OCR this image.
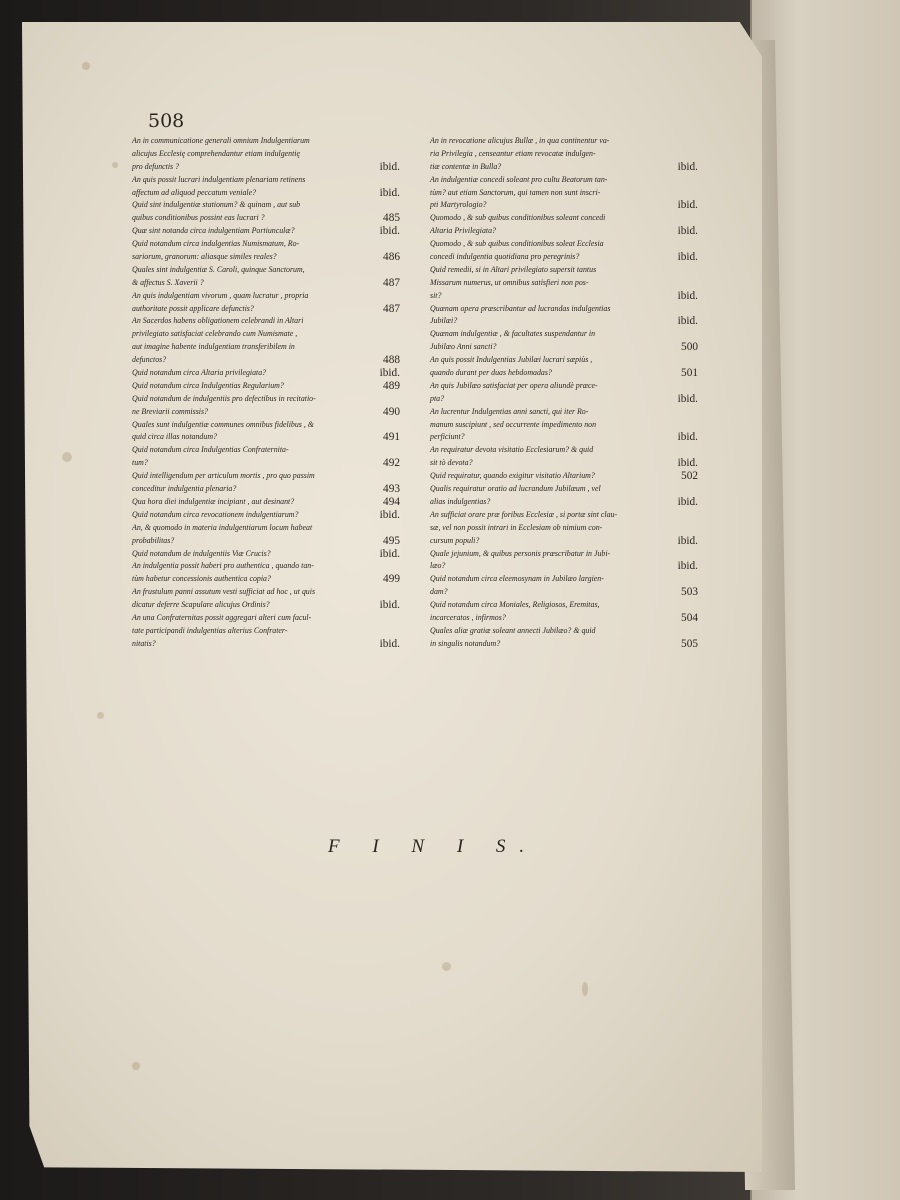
508
An in communicatione generali omnium Indulgentiarum
alicujus Ecclesię comprehendantur etiam indulgentię
pro defunctis ?	ibid.
An quis possit lucrari indulgentiam plenariam retinens
affectum ad aliquod peccatum veniale?	ibid.
Quid sint indulgentiæ stationum? & quinam , aut sub
quibus conditionibus possint eas lucrari ?	485
Quæ sint notanda circa indulgentiam Portiunculæ?	ibid.
Quid notandum circa indulgentias Numismatum, Ro-
sariorum, granorum: aliasque similes reales?	486
Quales sint indulgentiæ S. Caroli, quinque Sanctorum,
& affectus S. Xaverii ?	487
An quis indulgentiam vivorum , quam lucratur , propria
authoritate possit applicare defunctis?	487
An Sacerdos habens obligationem celebrandi in Altari
privilegiato satisfaciat celebrando cum Numismate ,
aut imagine habente indulgentiam transferibilem in
defunctos?	488
Quid notandum circa Altaria privilegiata?	ibid.
Quid notandum circa Indulgentias Regularium?	489
Quid notandum de indulgentiis pro defectibus in recitatio-
ne Breviarii commissis?	490
Quales sunt indulgentiæ communes omnibus fidelibus , &
quid circa illas notandum?	491
Quid notandum circa Indulgentias Confraternita-
tum?	492
Quid intelligendum per articulum mortis , pro quo passim
conceditur indulgentia plenaria?	493
Qua hora diei indulgentiæ incipiant , aut desinant?	494
Quid notandum circa revocationem indulgentiarum?	ibid.
An, & quomodo in materia indulgentiarum locum habeat
probabilitas?	495
Quid notandum de indulgentiis Viæ Crucis?	ibid.
An indulgentia possit haberi pro authentica , quando tan-
tùm habetur concessionis authentica copia?	499
An frustulum panni assutum vesti sufficiat ad hoc , ut quis
dicatur deferre Scapulare alicujus Ordinis?	ibid.
An una Confraternitas possit aggregari alteri cum facul-
tate participandi indulgentias alterius Confrater-
nitatis?	ibid.
An in revocatione alicujus Bullæ , in qua continentur va-
ria Privilegia , censeantur etiam revocatæ indulgen-
tiæ contentæ in Bulla?	ibid.
An indulgentiæ concedi soleant pro cultu Beatorum tan-
tùm? aut etiam Sanctorum, qui tamen non sunt inscri-
pti Martyrologio?	ibid.
Quomodo , & sub quibus conditionibus soleant concedi
Altaria Privilegiata?	ibid.
Quomodo , & sub quibus conditionibus soleat Ecclesia
concedi indulgentia quotidiana pro peregrinis?	ibid.
Quid remedii, si in Altari privilegiato supersit tantus
Missarum numerus, ut omnibus satisfieri non pos-
sit?	ibid.
Quænam opera præscribantur ad lucrandas indulgentias
Jubilæi?	ibid.
Quænam indulgentiæ , & facultates suspendantur in
Jubilæo Anni sancti?	500
An quis possit Indulgentias Jubilæi lucrari sæpiùs ,
quando durant per duas hebdomadas?	501
An quis Jubilæo satisfaciat per opera aliundè præce-
pta?	ibid.
An lucrentur Indulgentias anni sancti, qui iter Ro-
manum suscipiunt , sed occurrente impedimento non
perficiunt?	ibid.
An requiratur devota visitatio Ecclesiarum? & quid
sit tò devota?	ibid.
Quid requiratur, quando exigitur visitatio Altarium?	502
Qualis requiratur oratio ad lucrandum Jubilæum , vel
alias indulgentias?	ibid.
An sufficiat orare præ foribus Ecclesiæ , si portæ sint clau-
sæ, vel non possit intrari in Ecclesiam ob nimium con-
cursum populi?	ibid.
Quale jejunium, & quibus personis præscribatur in Jubi-
læo?	ibid.
Quid notandum circa eleemosynam in Jubilæo largien-
dam?	503
Quid notandum circa Moniales, Religiosos, Eremitas,
incarceratos , infirmos?	504
Quales aliæ gratiæ soleant annecti Jubilæo? & quid
in singulis notandum?	505
F I N I S.
